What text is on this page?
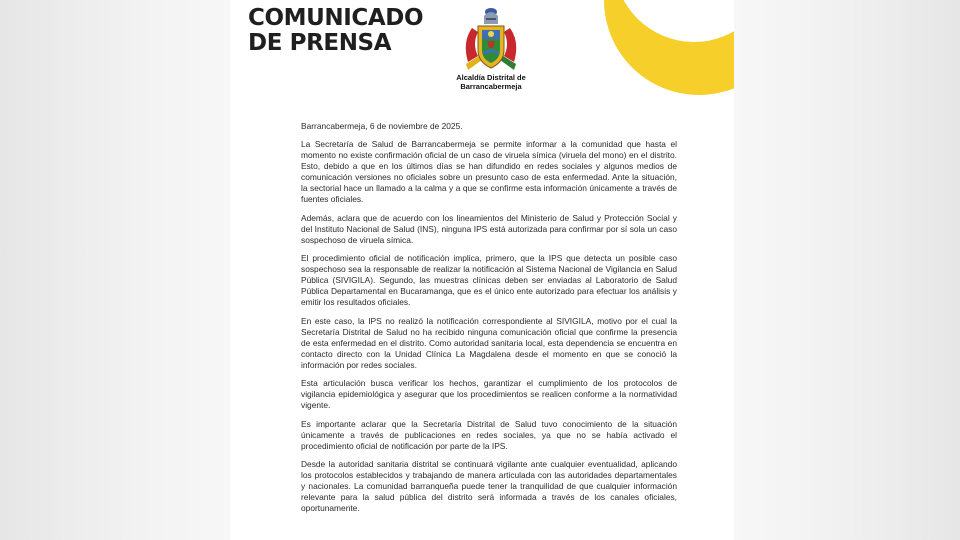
COMUNICADO
DE PRENSA
Alcaldía Distrital de
Barrancabermeja

Barrancabermeja, 6 de noviembre de 2025.

La Secretaría de Salud de Barrancabermeja se permite informar a la comunidad que hasta el momento no existe confirmación oficial de un caso de viruela símica (viruela del mono) en el distrito. Esto, debido a que en los últimos días se han difundido en redes sociales y algunos medios de comunicación versiones no oficiales sobre un presunto caso de esta enfermedad. Ante la situación, la sectorial hace un llamado a la calma y a que se confirme esta información únicamente a través de fuentes oficiales.

Además, aclara que de acuerdo con los lineamientos del Ministerio de Salud y Protección Social y del Instituto Nacional de Salud (INS), ninguna IPS está autorizada para confirmar por sí sola un caso sospechoso de viruela símica.

El procedimiento oficial de notificación implica, primero, que la IPS que detecta un posible caso sospechoso sea la responsable de realizar la notificación al Sistema Nacional de Vigilancia en Salud Pública (SIVIGILA). Segundo, las muestras clínicas deben ser enviadas al Laboratorio de Salud Pública Departamental en Bucaramanga, que es el único ente autorizado para efectuar los análisis y emitir los resultados oficiales.

En este caso, la IPS no realizó la notificación correspondiente al SIVIGILA, motivo por el cual la Secretaría Distrital de Salud no ha recibido ninguna comunicación oficial que confirme la presencia de esta enfermedad en el distrito. Como autoridad sanitaria local, esta dependencia se encuentra en contacto directo con la Unidad Clínica La Magdalena desde el momento en que se conoció la información por redes sociales.

Esta articulación busca verificar los hechos, garantizar el cumplimiento de los protocolos de vigilancia epidemiológica y asegurar que los procedimientos se realicen conforme a la normatividad vigente.

Es importante aclarar que la Secretaría Distrital de Salud tuvo conocimiento de la situación únicamente a través de publicaciones en redes sociales, ya que no se había activado el procedimiento oficial de notificación por parte de la IPS.

Desde la autoridad sanitaria distrital se continuará vigilante ante cualquier eventualidad, aplicando los protocolos establecidos y trabajando de manera articulada con las autoridades departamentales y nacionales. La comunidad barranqueña puede tener la tranquilidad de que cualquier información relevante para la salud pública del distrito será informada a través de los canales oficiales, oportunamente.
